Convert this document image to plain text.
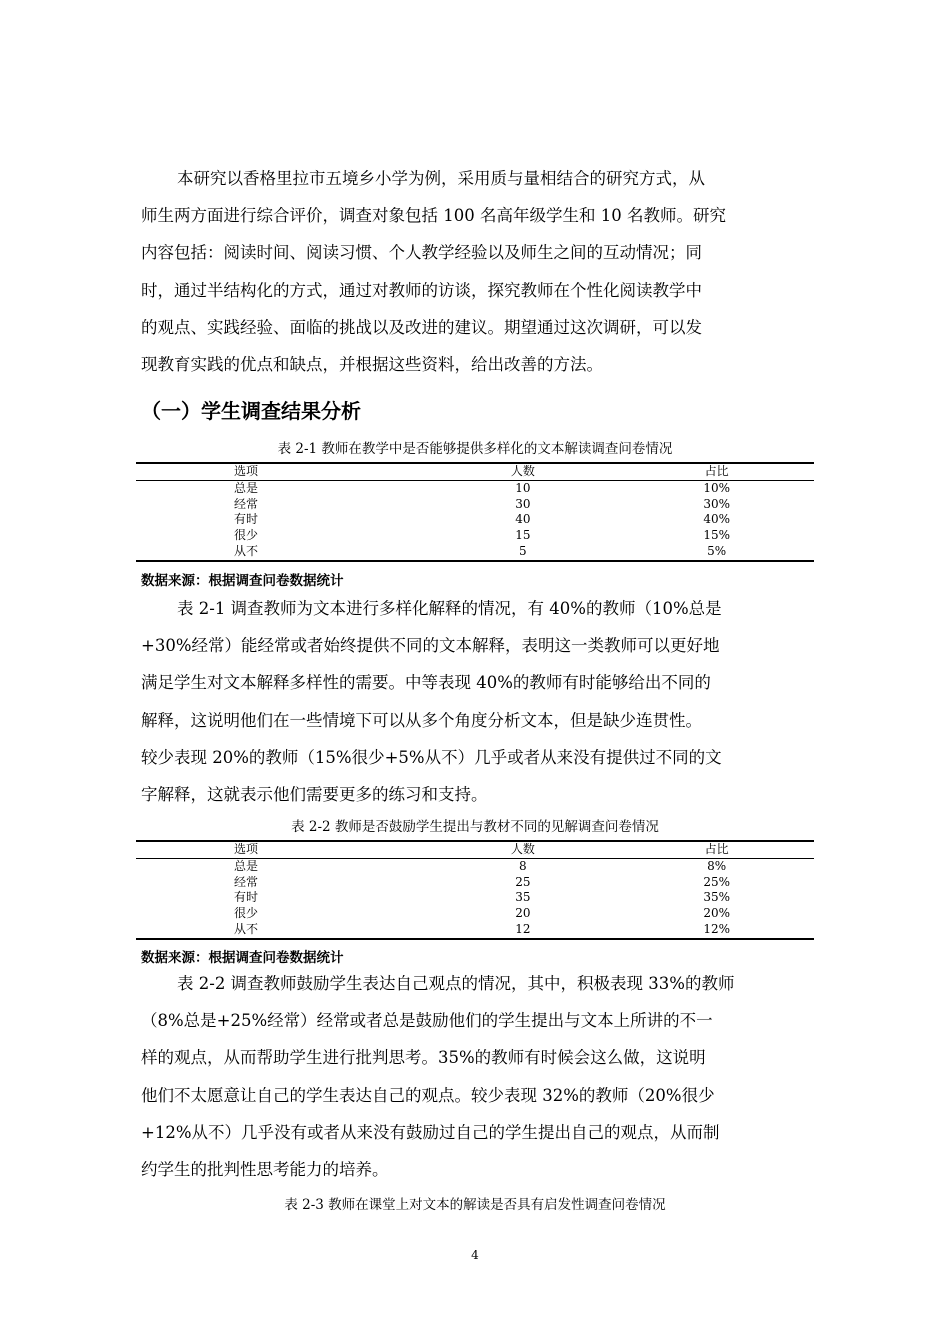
本研究以香格里拉市五境乡小学为例，采用质与量相结合的研究方式，从
师生两方面进行综合评价，调查对象包括 100 名高年级学生和 10 名教师。研究
内容包括：阅读时间、阅读习惯、个人教学经验以及师生之间的互动情况；同
时，通过半结构化的方式，通过对教师的访谈，探究教师在个性化阅读教学中
的观点、实践经验、面临的挑战以及改进的建议。期望通过这次调研，可以发
现教育实践的优点和缺点，并根据这些资料，给出改善的方法。
（一）学生调查结果分析

表 2-1 教师在教学中是否能够提供多样化的文本解读调查问卷情况

选项	人数	占比
总是	10	10%
经常	30	30%
有时	40	40%
很少	15	15%
从不	5	5%

数据来源：根据调查问卷数据统计

表 2-1 调查教师为文本进行多样化解释的情况，有 40%的教师（10%总是
+30%经常）能经常或者始终提供不同的文本解释，表明这一类教师可以更好地
满足学生对文本解释多样性的需要。中等表现 40%的教师有时能够给出不同的
解释，这说明他们在一些情境下可以从多个角度分析文本，但是缺少连贯性。
较少表现 20%的教师（15%很少+5%从不）几乎或者从来没有提供过不同的文
字解释，这就表示他们需要更多的练习和支持。

表 2-2 教师是否鼓励学生提出与教材不同的见解调查问卷情况

选项	人数	占比
总是	8	8%
经常	25	25%
有时	35	35%
很少	20	20%
从不	12	12%

数据来源：根据调查问卷数据统计

表 2-2 调查教师鼓励学生表达自己观点的情况，其中，积极表现 33%的教师
（8%总是+25%经常）经常或者总是鼓励他们的学生提出与文本上所讲的不一
样的观点，从而帮助学生进行批判思考。35%的教师有时候会这么做，这说明
他们不太愿意让自己的学生表达自己的观点。较少表现 32%的教师（20%很少
+12%从不）几乎没有或者从来没有鼓励过自己的学生提出自己的观点，从而制
约学生的批判性思考能力的培养。

表 2-3 教师在课堂上对文本的解读是否具有启发性调查问卷情况

4
